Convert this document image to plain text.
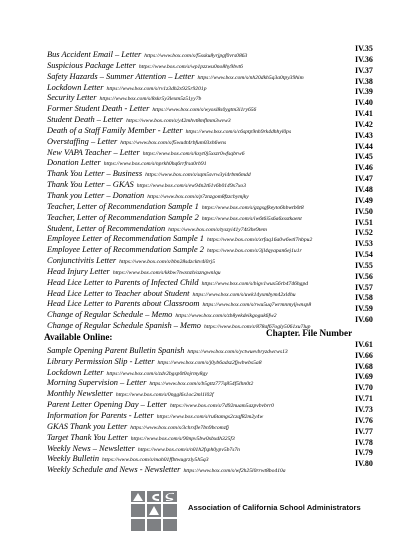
Bus Accident Email – Letter https://www.box.com/s/f5ssku8yrjpgf0vrs0863
IV.35
Suspicious Package Letter https://www.box.com/s/wp1pzzwu0no8hy9bvt6
IV.36
Safety Hazards – Summer Attention – Letter https://www.box.com/s/nh20dkh5q3a0tpy39him
IV.37
Lockdown Letter https://www.box.com/s/rv1z3dh2x925r9201p
IV.38
Security Letter https://www.box.com/s/8xkr5y3lexm5z51yy7b
IV.39
Former Student Death - Letter https://www.box.com/s/wyoxl8s0ygtm3i1ry656
IV.40
Student Death – Letter https://www.box.com/s/y42mhvt8mflmm3wvw3
IV.41
Death of a Staff Family Member - Letter https://www.box.com/s/c6sptp9nh9rk4dhhyl0ps
IV.42
Overstaffing – Letter https://www.box.com/s/f5wu4t4rbfum03xh6wns
IV.43
New VAPA Teacher – Letter https://www.box.com/s/kxyt0j5xszr0wfsqbrw6
IV.44
Donation Letter https://www.box.com/s/nprkh0hq6rrfrsa0rb91
IV.45
Thank You Letter – Business https://www.box.com/s/sqm5svrw3yi4rbm6mdd
IV.46
Thank You Letter – GKAS https://www.box.com/s/ew94n2t61v6b0149x7xo3
IV.47
Thank you Letter – Donation https://www.box.com/s/p7znzgom8fzzcbymjky
IV.48
Teacher, Letter of Recommendation Sample 1 https://www.box.com/s/gzgsgfkeyto6hbwtb0t8
IV.49
Teacher, Letter of Recommendation Sample 2 https://www.box.com/s/iw6t6i5s6a6xsstkaent
IV.50
Student, Letter of Recommendation https://www.box.com/s/tyszyi41y74t3he9tem
IV.51
Employee Letter of Recommendation Sample 1 https://www.box.com/s/xrfaq16a0w6wtl7nbpu2
IV.52
Employee Letter of Recommendation Sample 2 https://www.box.com/s/3jl4qyapan6ej1u1r
IV.53
Conjunctivitis Letter https://www.box.com/s/bbn28sdzcktv4i0rj5
IV.54
Head Injury Letter https://www.box.com/s/kkbw7twxnzh/azngwnlqu
IV.55
Head Lice Letter to Parents of Infected Child https://www.box.com/s/bigv1wux56rb4746hgpd
IV.56
Head Lice Letter to Teacher about Student https://www.box.com/s/uwk14yxmbym42xl4hu
IV.57
Head Lice Letter to Parents about Classroom https://www.box.com/s/rwu5uq7wrmnmyljwnsp8
IV.58
Change of Regular Schedule – Memo https://www.box.com/s/zb8yekdeikgoguk6fw2
IV.59
Change of Regular Schedule Spanish – Memo https://www.box.com/s/878af67ogly5061xu7lup
IV.60
Available Online:	Chapter. File Number
Sample Opening Parent Bulletin Spanish https://www.box.com/s/yctwuevbryzdwcws13
IV.61
Library Permission Slip - Letter https://www.box.com/s/j0yb6adsz2fjwbwbs5a8
IV.66
Lockdown Letter https://www.box.com/s/zdv2bgsp0t0ojrmy8gy
IV.68
Morning Supervision – Letter https://www.box.com/s/b5gttz777q854f5lhn0t2
IV.69
Monthly Newsletter https://www.box.com/s/0nggl6s1oc2ml1l02f
IV.70
Parent Letter Opening Day – Letter https://www.box.com/s/7d92nuam5azpvbvbrr0
IV.71
Information for Parents - Letter https://www.box.com/s/ru6tamgs2czqf82m2y4w
IV.73
GKAS Thank you Letter https://www.box.com/s/3chrsfle7bn9bcomzfj
IV.76
Target Thank You Letter https://www.box.com/s/90npv5bw0xbxdh325f3
IV.77
Weekly News – Newsletter https://www.box.com/s/n01h2fsph0ypv5b7s7n
IV.78
Weekly Bulletin https://www.box.com/s/mah01ffbtwugrzly5h5q3
IV.79
Weekly Schedule and News - Newsletter https://www.box.com/s/wf2h25l0rrwt8bo410a
IV.80
Association of California School Administrators
